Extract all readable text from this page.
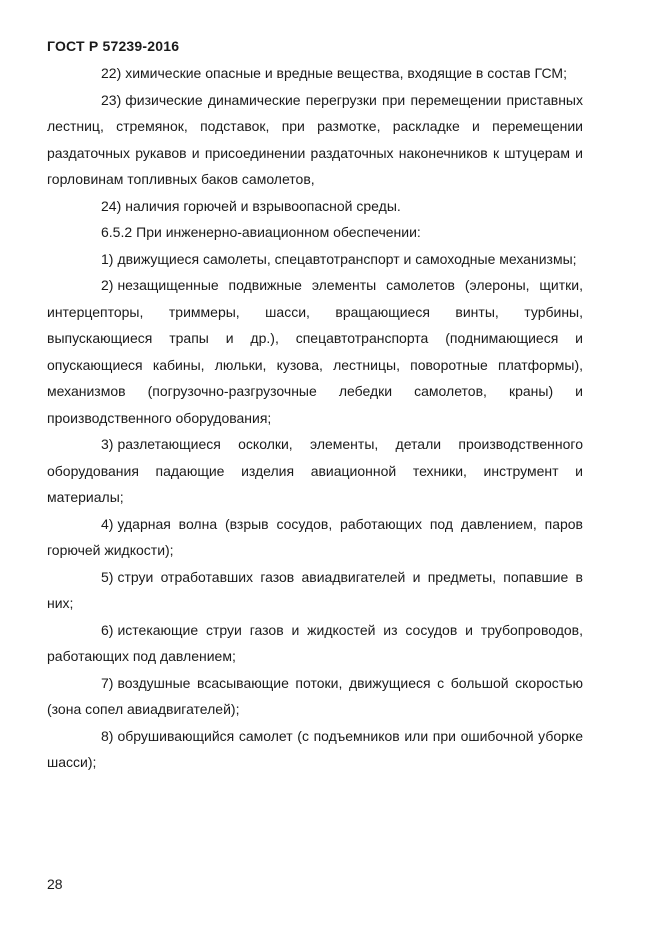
ГОСТ Р 57239-2016

22) химические опасные и вредные вещества, входящие в состав ГСМ;

23) физические динамические перегрузки при перемещении приставных лестниц, стремянок, подставок, при размотке, раскладке и перемещении раздаточных рукавов и присоединении раздаточных наконечников к штуцерам и горловинам топливных баков самолетов,

24) наличия горючей и взрывоопасной среды.

6.5.2 При инженерно-авиационном обеспечении:

1) движущиеся самолеты, спецавтотранспорт и самоходные механизмы;

2) незащищенные подвижные элементы самолетов (элероны, щитки, интерцепторы, триммеры, шасси, вращающиеся винты, турбины, выпускающиеся трапы и др.), спецавтотранспорта (поднимающиеся и опускающиеся кабины, люльки, кузова, лестницы, поворотные платформы), механизмов (погрузочно-разгрузочные лебедки самолетов, краны) и производственного оборудования;

3) разлетающиеся осколки, элементы, детали производственного оборудования падающие изделия авиационной техники, инструмент и материалы;

4) ударная волна (взрыв сосудов, работающих под давлением, паров горючей жидкости);

5) струи отработавших газов авиадвигателей и предметы, попавшие в них;

6) истекающие струи газов и жидкостей из сосудов и трубопроводов, работающих под давлением;

7) воздушные всасывающие потоки, движущиеся с большой скоростью (зона сопел авиадвигателей);

8) обрушивающийся самолет (с подъемников или при ошибочной уборке шасси);

28
